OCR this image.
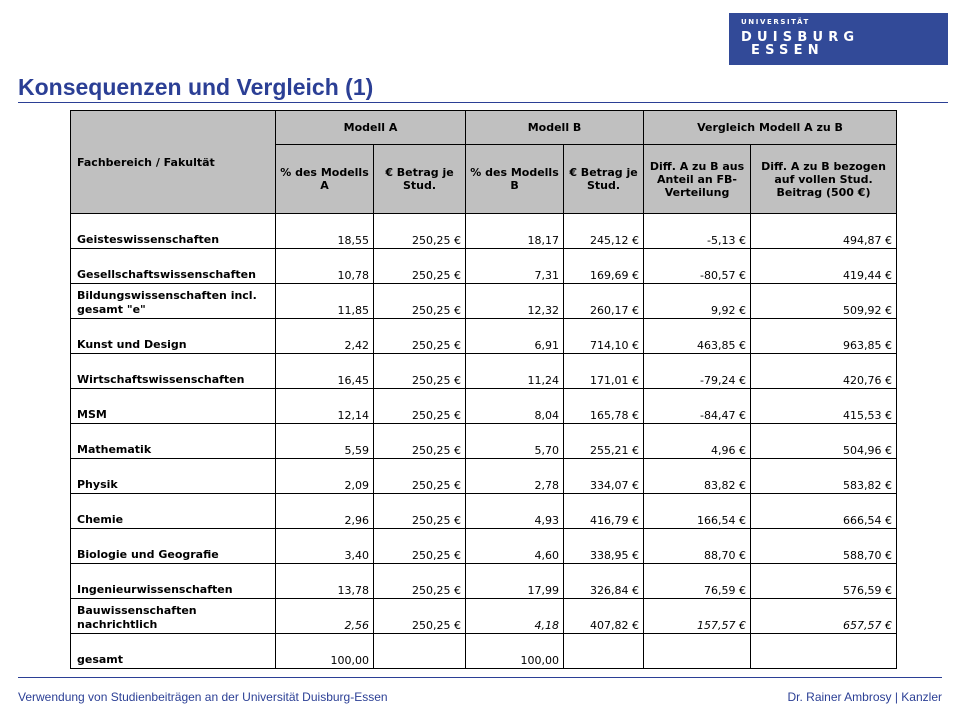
UNIVERSITÄT
DUISBURG
ESSEN
Konsequenzen und Vergleich (1)
Fachbereich / Fakultät	Modell A		Modell B		Vergleich Modell A zu B	
	% des Modells A	€ Betrag je Stud.	% des Modells B	€ Betrag je Stud.	Diff. A zu B aus Anteil an FB-Verteilung	Diff. A zu B bezogen auf vollen Stud. Beitrag (500 €)
Geisteswissenschaften	18,55	250,25 €	18,17	245,12 €	-5,13 €	494,87 €
Gesellschaftswissenschaften	10,78	250,25 €	7,31	169,69 €	-80,57 €	419,44 €
Bildungswissenschaften incl. gesamt "e"	11,85	250,25 €	12,32	260,17 €	9,92 €	509,92 €
Kunst und Design	2,42	250,25 €	6,91	714,10 €	463,85 €	963,85 €
Wirtschaftswissenschaften	16,45	250,25 €	11,24	171,01 €	-79,24 €	420,76 €
MSM	12,14	250,25 €	8,04	165,78 €	-84,47 €	415,53 €
Mathematik	5,59	250,25 €	5,70	255,21 €	4,96 €	504,96 €
Physik	2,09	250,25 €	2,78	334,07 €	83,82 €	583,82 €
Chemie	2,96	250,25 €	4,93	416,79 €	166,54 €	666,54 €
Biologie und Geografie	3,40	250,25 €	4,60	338,95 €	88,70 €	588,70 €
Ingenieurwissenschaften	13,78	250,25 €	17,99	326,84 €	76,59 €	576,59 €
Bauwissenschaften nachrichtlich	2,56	250,25 €	4,18	407,82 €	157,57 €	657,57 €
gesamt	100,00		100,00			
Verwendung von Studienbeiträgen an der Universität Duisburg-Essen	Dr. Rainer Ambrosy | Kanzler
